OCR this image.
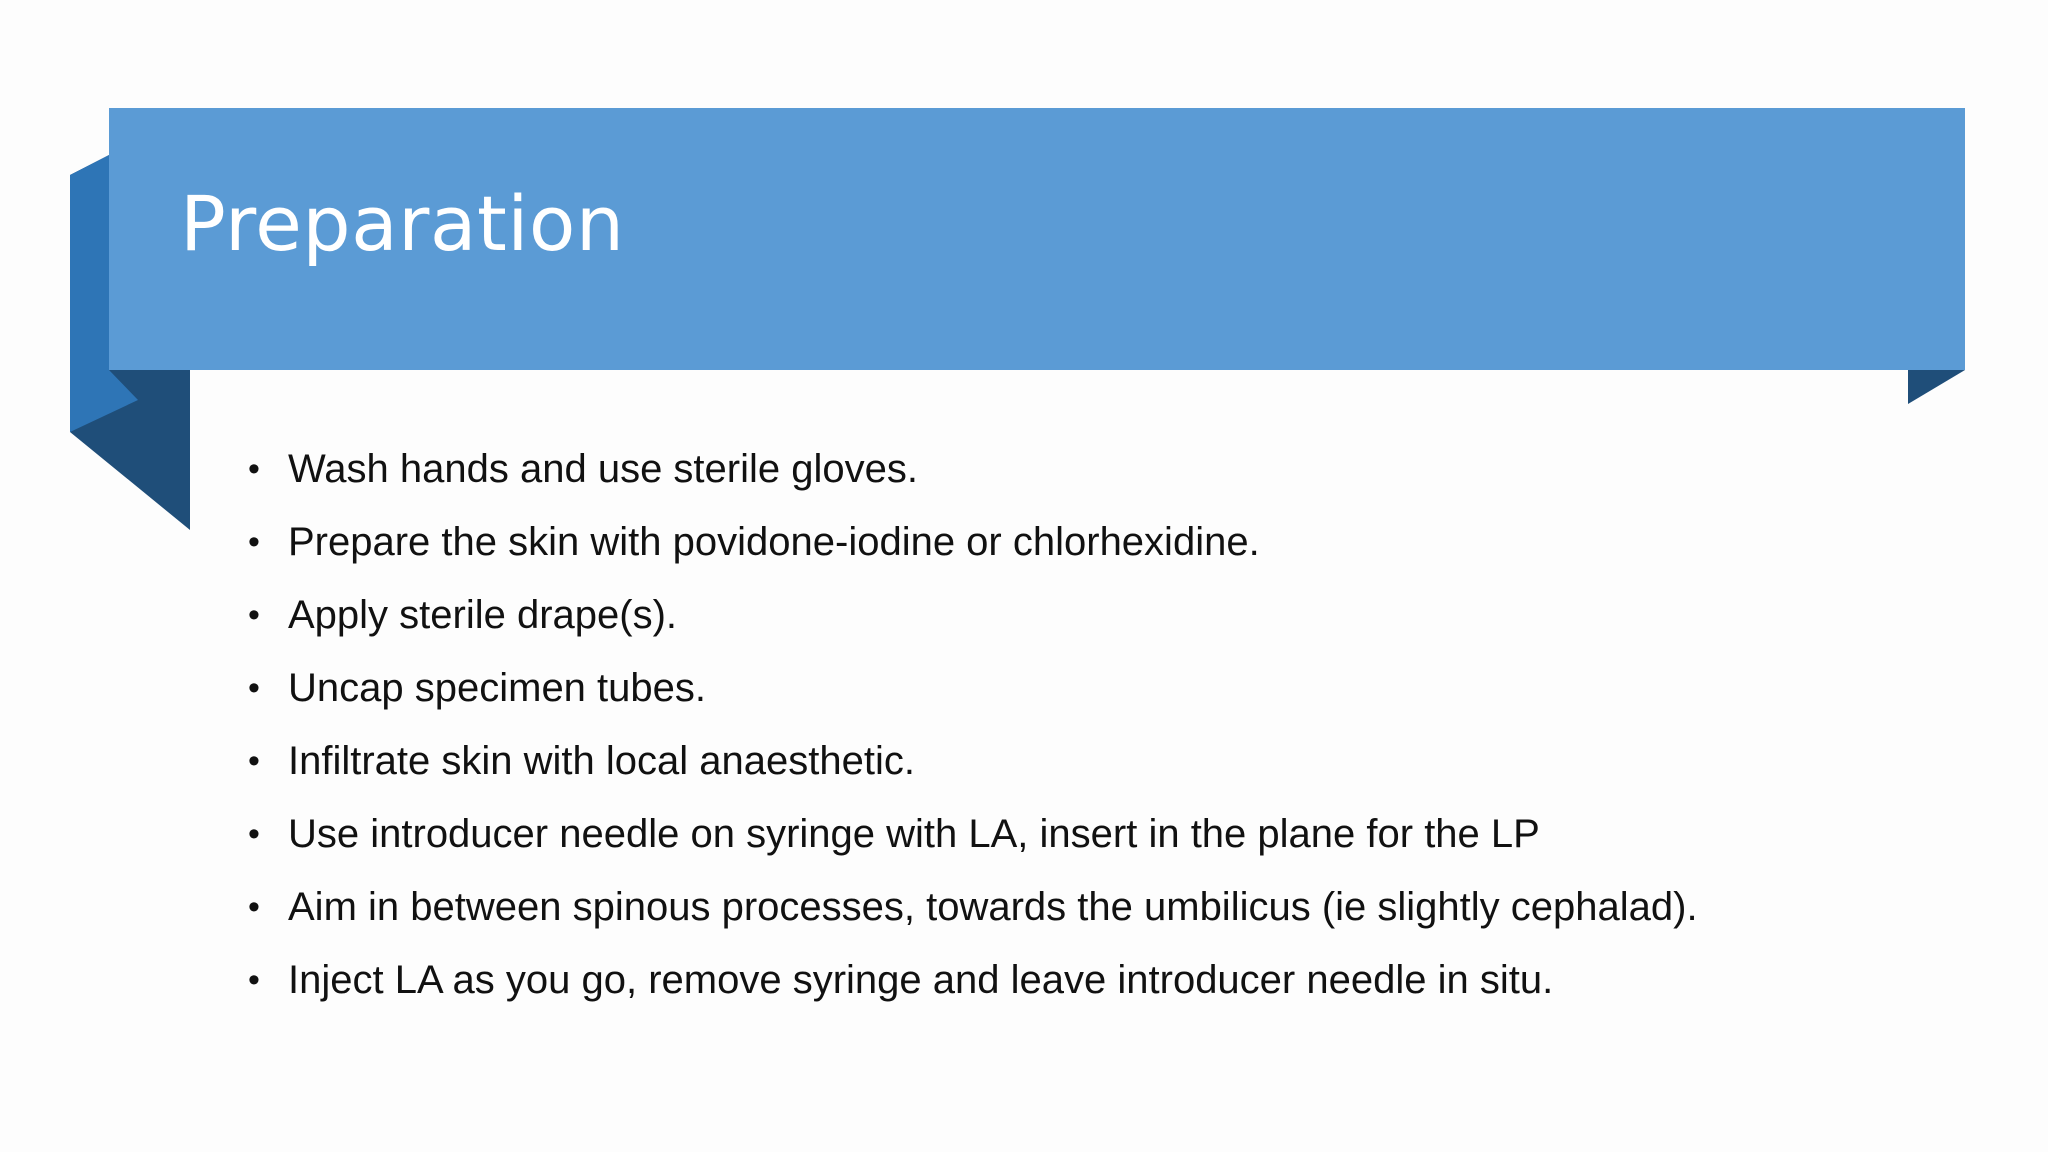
Preparation
• Wash hands and use sterile gloves.
• Prepare the skin with povidone-iodine or chlorhexidine.
• Apply sterile drape(s).
• Uncap specimen tubes.
• Infiltrate skin with local anaesthetic.
• Use introducer needle on syringe with LA, insert in the plane for the LP
• Aim in between spinous processes, towards the umbilicus (ie slightly cephalad).
• Inject LA as you go, remove syringe and leave introducer needle in situ.
